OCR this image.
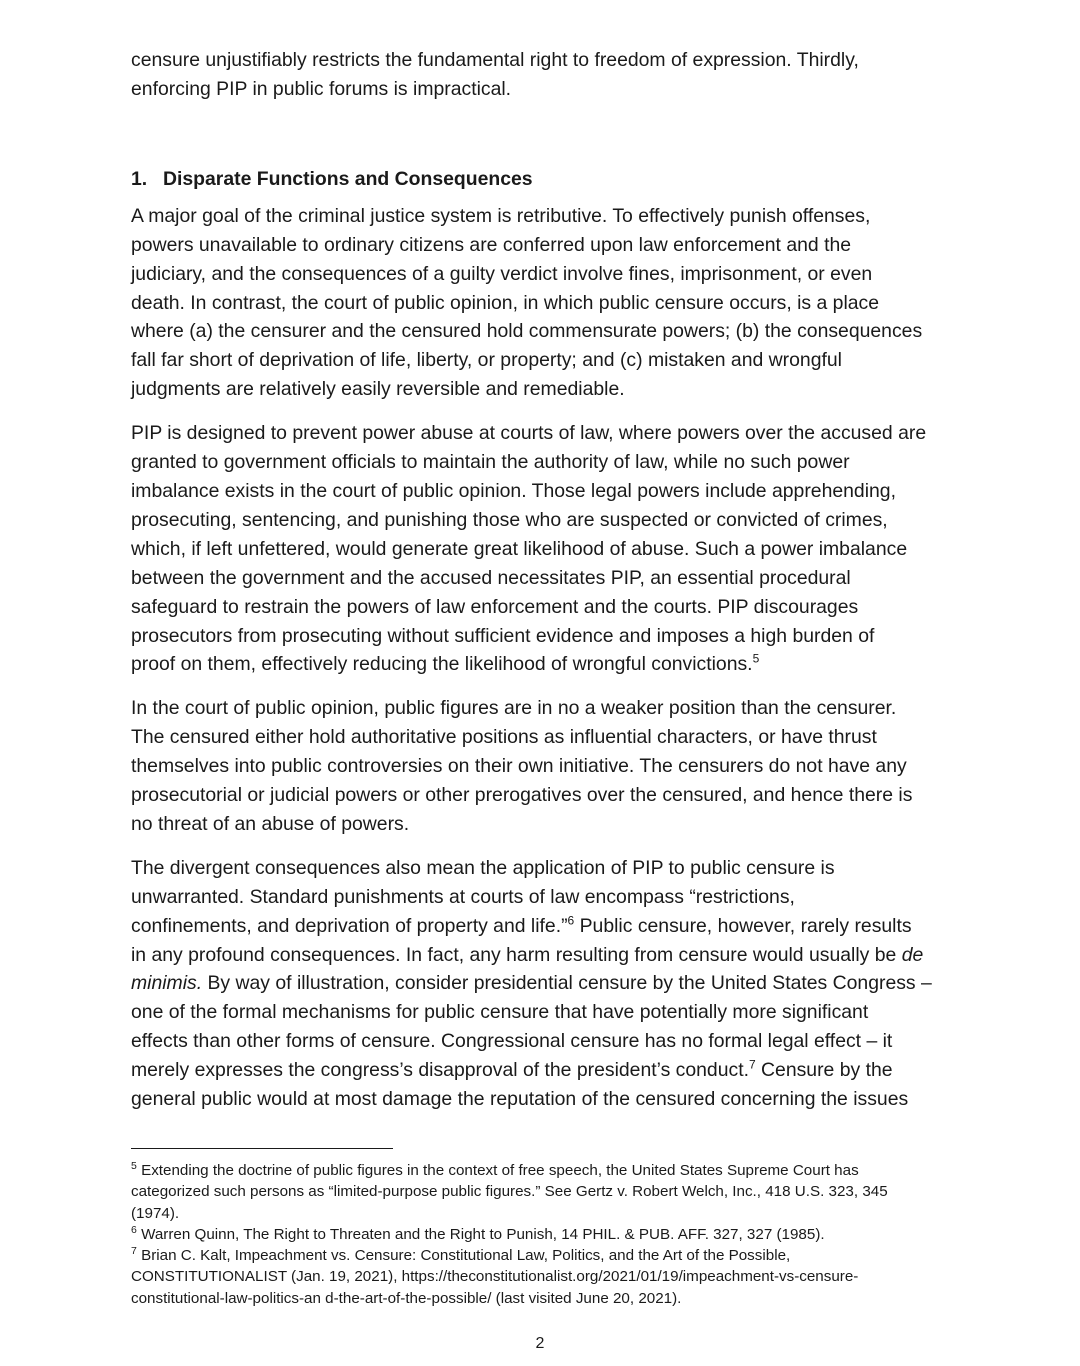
censure unjustifiably restricts the fundamental right to freedom of expression. Thirdly,
enforcing PIP in public forums is impractical.

1. Disparate Functions and Consequences

A major goal of the criminal justice system is retributive. To effectively punish offenses,
powers unavailable to ordinary citizens are conferred upon law enforcement and the
judiciary, and the consequences of a guilty verdict involve fines, imprisonment, or even
death. In contrast, the court of public opinion, in which public censure occurs, is a place
where (a) the censurer and the censured hold commensurate powers; (b) the consequences
fall far short of deprivation of life, liberty, or property; and (c) mistaken and wrongful
judgments are relatively easily reversible and remediable.

PIP is designed to prevent power abuse at courts of law, where powers over the accused are
granted to government officials to maintain the authority of law, while no such power
imbalance exists in the court of public opinion. Those legal powers include apprehending,
prosecuting, sentencing, and punishing those who are suspected or convicted of crimes,
which, if left unfettered, would generate great likelihood of abuse. Such a power imbalance
between the government and the accused necessitates PIP, an essential procedural
safeguard to restrain the powers of law enforcement and the courts. PIP discourages
prosecutors from prosecuting without sufficient evidence and imposes a high burden of
proof on them, effectively reducing the likelihood of wrongful convictions.$^5$

In the court of public opinion, public figures are in no a weaker position than the censurer.
The censured either hold authoritative positions as influential characters, or have thrust
themselves into public controversies on their own initiative. The censurers do not have any
prosecutorial or judicial powers or other prerogatives over the censured, and hence there is
no threat of an abuse of powers.

The divergent consequences also mean the application of PIP to public censure is
unwarranted. Standard punishments at courts of law encompass “restrictions,
confinements, and deprivation of property and life.”$^6$ Public censure, however, rarely results
in any profound consequences. In fact, any harm resulting from censure would usually be de
minimis. By way of illustration, consider presidential censure by the United States Congress –
one of the formal mechanisms for public censure that have potentially more significant
effects than other forms of censure. Congressional censure has no formal legal effect – it
merely expresses the congress’s disapproval of the president’s conduct.$^7$ Censure by the
general public would at most damage the reputation of the censured concerning the issues

$^5$ Extending the doctrine of public figures in the context of free speech, the United States Supreme Court has
categorized such persons as “limited-purpose public figures.” See Gertz v. Robert Welch, Inc., 418 U.S. 323, 345
(1974).

$^6$ Warren Quinn, The Right to Threaten and the Right to Punish, 14 PHIL. & PUB. AFF. 327, 327 (1985).

$^7$ Brian C. Kalt, Impeachment vs. Censure: Constitutional Law, Politics, and the Art of the Possible,
CONSTITUTIONALIST (Jan. 19, 2021), https://theconstitutionalist.org/2021/01/19/impeachment-vs-censure-
constitutional-law-politics-an d-the-art-of-the-possible/ (last visited June 20, 2021).

2
